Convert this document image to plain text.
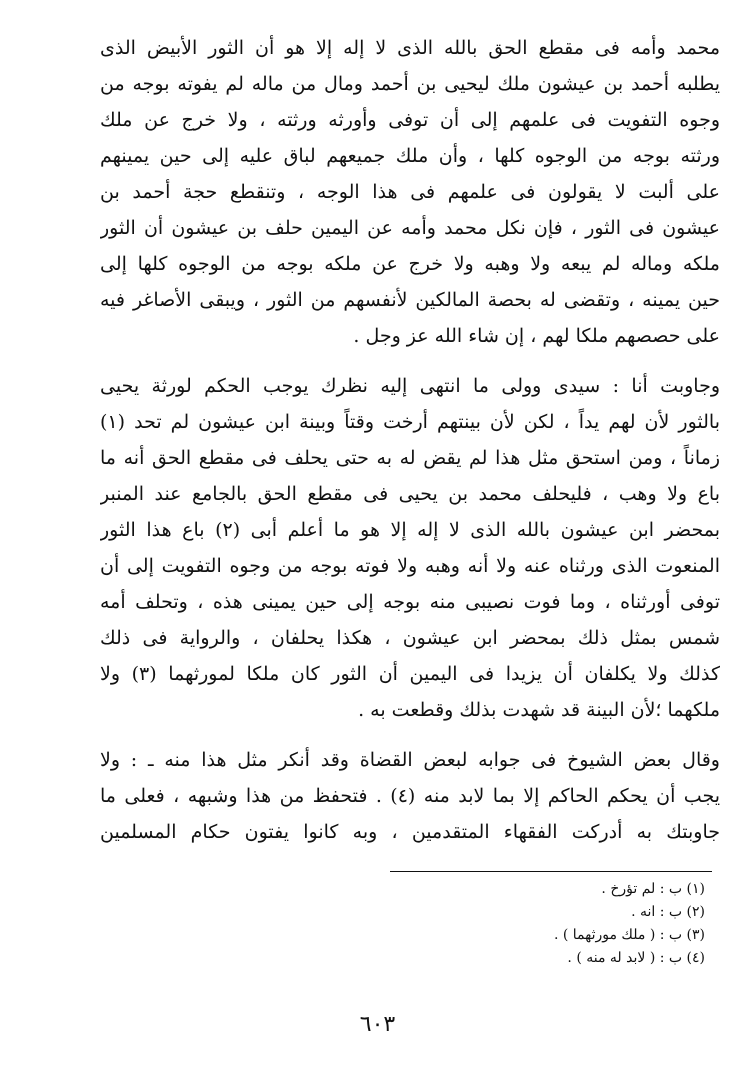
محمد وأمه فى مقطع الحق بالله الذى لا إله إلا هو أن الثور الأبيض الذى
يطلبه أحمد بن عيشون ملك ليحيى بن أحمد ومال من ماله لم يفوته بوجه من
وجوه التفويت فى علمهم إلى أن توفى وأورثه ورثته ، ولا خرج عن ملك
ورثته بوجه من الوجوه كلها ، وأن ملك جميعهم لباق عليه إلى حين يمينهم
على ألبت لا يقولون فى علمهم فى هذا الوجه ، وتنقطع حجة أحمد بن
عيشون فى الثور ، فإن نكل محمد وأمه عن اليمين حلف بن عيشون أن الثور
ملكه وماله لم يبعه ولا وهبه ولا خرج عن ملكه بوجه من الوجوه كلها إلى
حين يمينه ، وتقضى له بحصة المالكين لأنفسهم من الثور ، ويبقى الأصاغر فيه
على حصصهم ملكا لهم ، إن شاء الله عز وجل .
وجاوبت أنا : سيدى وولى ما انتهى إليه نظرك يوجب الحكم لورثة يحيى
بالثور لأن لهم يداً ، لكن لأن بينتهم أرخت وقتاً وبينة ابن عيشون لم تحد (١)
زماناً ، ومن استحق مثل هذا لم يقض له به حتى يحلف فى مقطع الحق أنه ما
باع ولا وهب ، فليحلف محمد بن يحيى فى مقطع الحق بالجامع عند المنبر
بمحضر ابن عيشون بالله الذى لا إله إلا هو ما أعلم أبى (٢) باع هذا الثور
المنعوت الذى ورثناه عنه ولا أنه وهبه ولا فوته بوجه من وجوه التفويت إلى أن
توفى أورثناه ، وما فوت نصيبى منه بوجه إلى حين يمينى هذه ، وتحلف أمه
شمس بمثل ذلك بمحضر ابن عيشون ، هكذا يحلفان ، والرواية فى ذلك
كذلك ولا يكلفان أن يزيدا فى اليمين أن الثور كان ملكا لمورثهما (٣) ولا
ملكهما ؛لأن البينة قد شهدت بذلك وقطعت به .
وقال بعض الشيوخ فى جوابه لبعض القضاة وقد أنكر مثل هذا منه ـ : ولا
يجب أن يحكم الحاكم إلا بما لابد منه (٤) . فتحفظ من هذا وشبهه ، فعلى ما
جاوبتك به أدركت الفقهاء المتقدمين ، وبه كانوا يفتون حكام المسلمين
(١) ب : لم تؤرخ .
(٢) ب : انه .
(٣) ب : ( ملك مورثهما ) .
(٤) ب : ( لابد له منه ) .
٦٠٣
